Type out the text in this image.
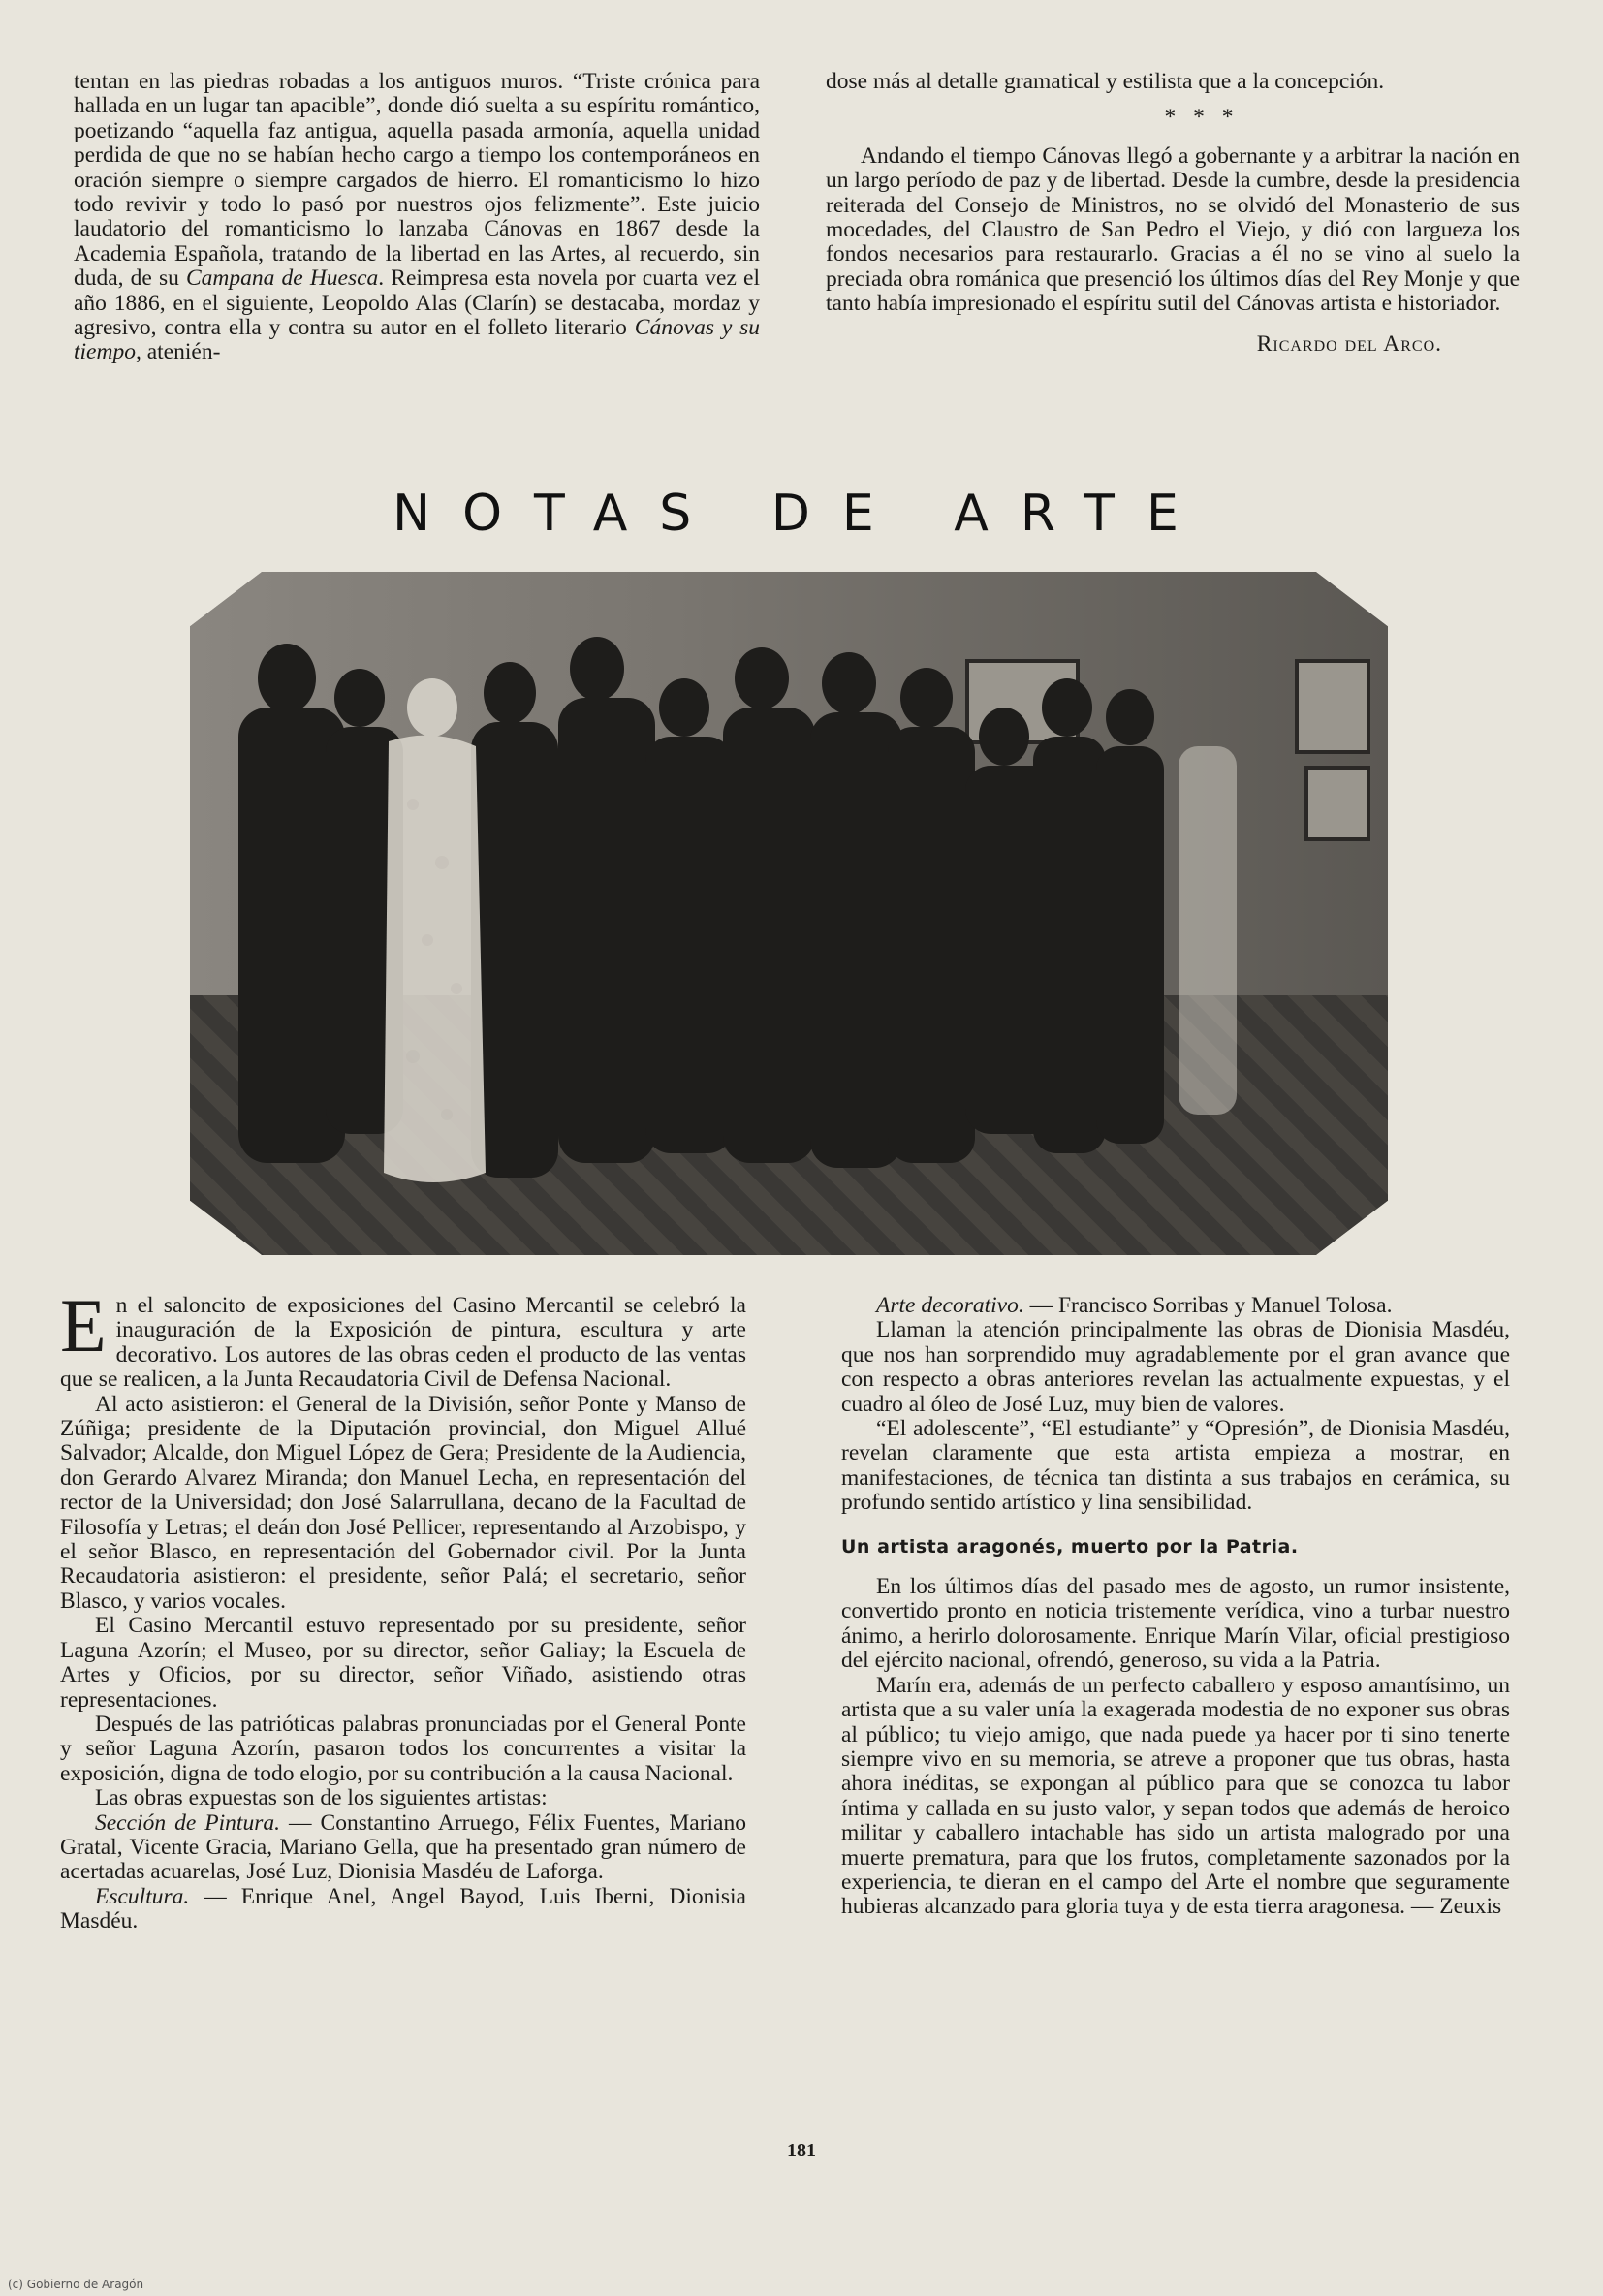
tentan en las piedras robadas a los antiguos muros. “Triste crónica para hallada en un lugar tan apacible”, donde dió suelta a su espíritu romántico, poetizando “aquella faz antigua, aquella pasada armonía, aquella unidad perdida de que no se habían hecho cargo a tiempo los contemporáneos en oración siempre o siempre cargados de hierro. El romanticismo lo hizo todo revivir y todo lo pasó por nuestros ojos felizmente”. Este juicio laudatorio del romanticismo lo lanzaba Cánovas en 1867 desde la Academia Española, tratando de la libertad en las Artes, al recuerdo, sin duda, de su Campana de Huesca. Reimpresa esta novela por cuarta vez el año 1886, en el siguiente, Leopoldo Alas (Clarín) se destacaba, mordaz y agresivo, contra ella y contra su autor en el folleto literario Cánovas y su tiempo, atenién-

dose más al detalle gramatical y estilista que a la concepción.

* * *

Andando el tiempo Cánovas llegó a gobernante y a arbitrar la nación en un largo período de paz y de libertad. Desde la cumbre, desde la presidencia reiterada del Consejo de Ministros, no se olvidó del Monasterio de sus mocedades, del Claustro de San Pedro el Viejo, y dió con largueza los fondos necesarios para restaurarlo. Gracias a él no se vino al suelo la preciada obra románica que presenció los últimos días del Rey Monje y que tanto había impresionado el espíritu sutil del Cánovas artista e historiador.

Ricardo del Arco.
NOTAS DE ARTE

En el saloncito de exposiciones del Casino Mercantil se celebró la inauguración de la Exposición de pintura, escultura y arte decorativo. Los autores de las obras ceden el producto de las ventas que se realicen, a la Junta Recaudatoria Civil de Defensa Nacional.

Al acto asistieron: el General de la División, señor Ponte y Manso de Zúñiga; presidente de la Diputación provincial, don Miguel Allué Salvador; Alcalde, don Miguel López de Gera; Presidente de la Audiencia, don Gerardo Alvarez Miranda; don Manuel Lecha, en representación del rector de la Universidad; don José Salarrullana, decano de la Facultad de Filosofía y Letras; el deán don José Pellicer, representando al Arzobispo, y el señor Blasco, en representación del Gobernador civil. Por la Junta Recaudatoria asistieron: el presidente, señor Palá; el secretario, señor Blasco, y varios vocales.

El Casino Mercantil estuvo representado por su presidente, señor Laguna Azorín; el Museo, por su director, señor Galiay; la Escuela de Artes y Oficios, por su director, señor Viñado, asistiendo otras representaciones.

Después de las patrióticas palabras pronunciadas por el General Ponte y señor Laguna Azorín, pasaron todos los concurrentes a visitar la exposición, digna de todo elogio, por su contribución a la causa Nacional.

Las obras expuestas son de los siguientes artistas:

Sección de Pintura. — Constantino Arruego, Félix Fuentes, Mariano Gratal, Vicente Gracia, Mariano Gella, que ha presentado gran número de acertadas acuarelas, José Luz, Dionisia Masdéu de Laforga.

Escultura. — Enrique Anel, Angel Bayod, Luis Iberni, Dionisia Masdéu.

Arte decorativo. — Francisco Sorribas y Manuel Tolosa.

Llaman la atención principalmente las obras de Dionisia Masdéu, que nos han sorprendido muy agradablemente por el gran avance que con respecto a obras anteriores revelan las actualmente expuestas, y el cuadro al óleo de José Luz, muy bien de valores.

“El adolescente”, “El estudiante” y “Opresión”, de Dionisia Masdéu, revelan claramente que esta artista empieza a mostrar, en manifestaciones, de técnica tan distinta a sus trabajos en cerámica, su profundo sentido artístico y lina sensibilidad.

Un artista aragonés, muerto por la Patria.

En los últimos días del pasado mes de agosto, un rumor insistente, convertido pronto en noticia tristemente verídica, vino a turbar nuestro ánimo, a herirlo dolorosamente. Enrique Marín Vilar, oficial prestigioso del ejército nacional, ofrendó, generoso, su vida a la Patria.

Marín era, además de un perfecto caballero y esposo amantísimo, un artista que a su valer unía la exagerada modestia de no exponer sus obras al público; tu viejo amigo, que nada puede ya hacer por ti sino tenerte siempre vivo en su memoria, se atreve a proponer que tus obras, hasta ahora inéditas, se expongan al público para que se conozca tu labor íntima y callada en su justo valor, y sepan todos que además de heroico militar y caballero intachable has sido un artista malogrado por una muerte prematura, para que los frutos, completamente sazonados por la experiencia, te dieran en el campo del Arte el nombre que seguramente hubieras alcanzado para gloria tuya y de esta tierra aragonesa. — Zeuxis

181
(c) Gobierno de Aragón
